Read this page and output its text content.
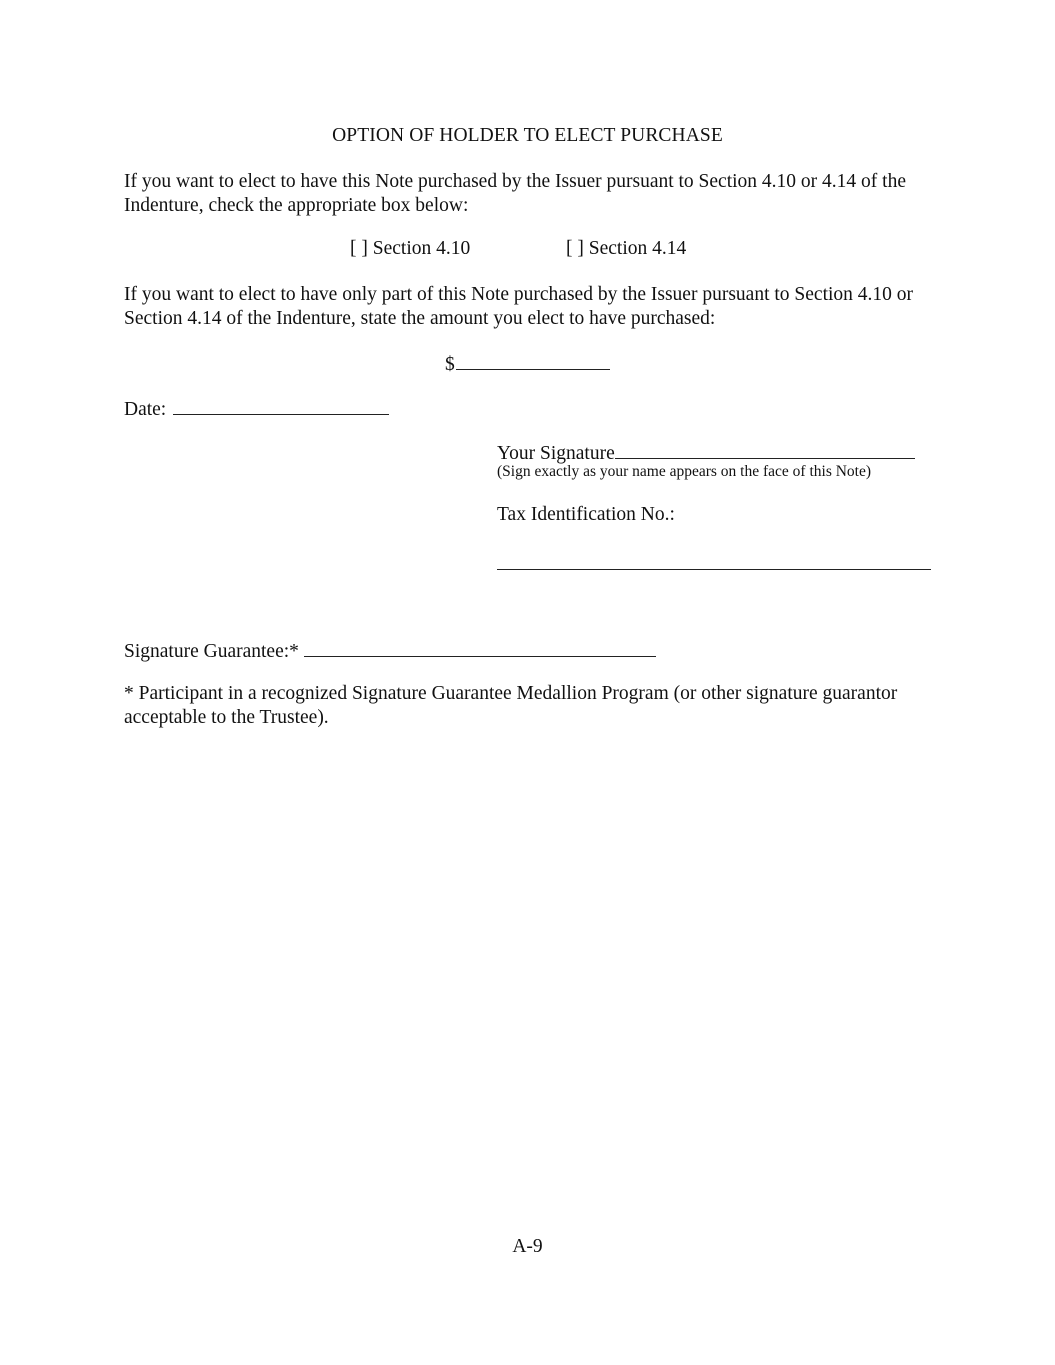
OPTION OF HOLDER TO ELECT PURCHASE
If you want to elect to have this Note purchased by the Issuer pursuant to Section 4.10 or 4.14 of the Indenture, check the appropriate box below:
[ ] Section 4.10	[ ] Section 4.14
If you want to elect to have only part of this Note purchased by the Issuer pursuant to Section 4.10 or Section 4.14 of the Indenture, state the amount you elect to have purchased:
$
Date:
Your Signature
(Sign exactly as your name appears on the face of this Note)
Tax Identification No.:
Signature Guarantee:*
* Participant in a recognized Signature Guarantee Medallion Program (or other signature guarantor acceptable to the Trustee).
A-9
